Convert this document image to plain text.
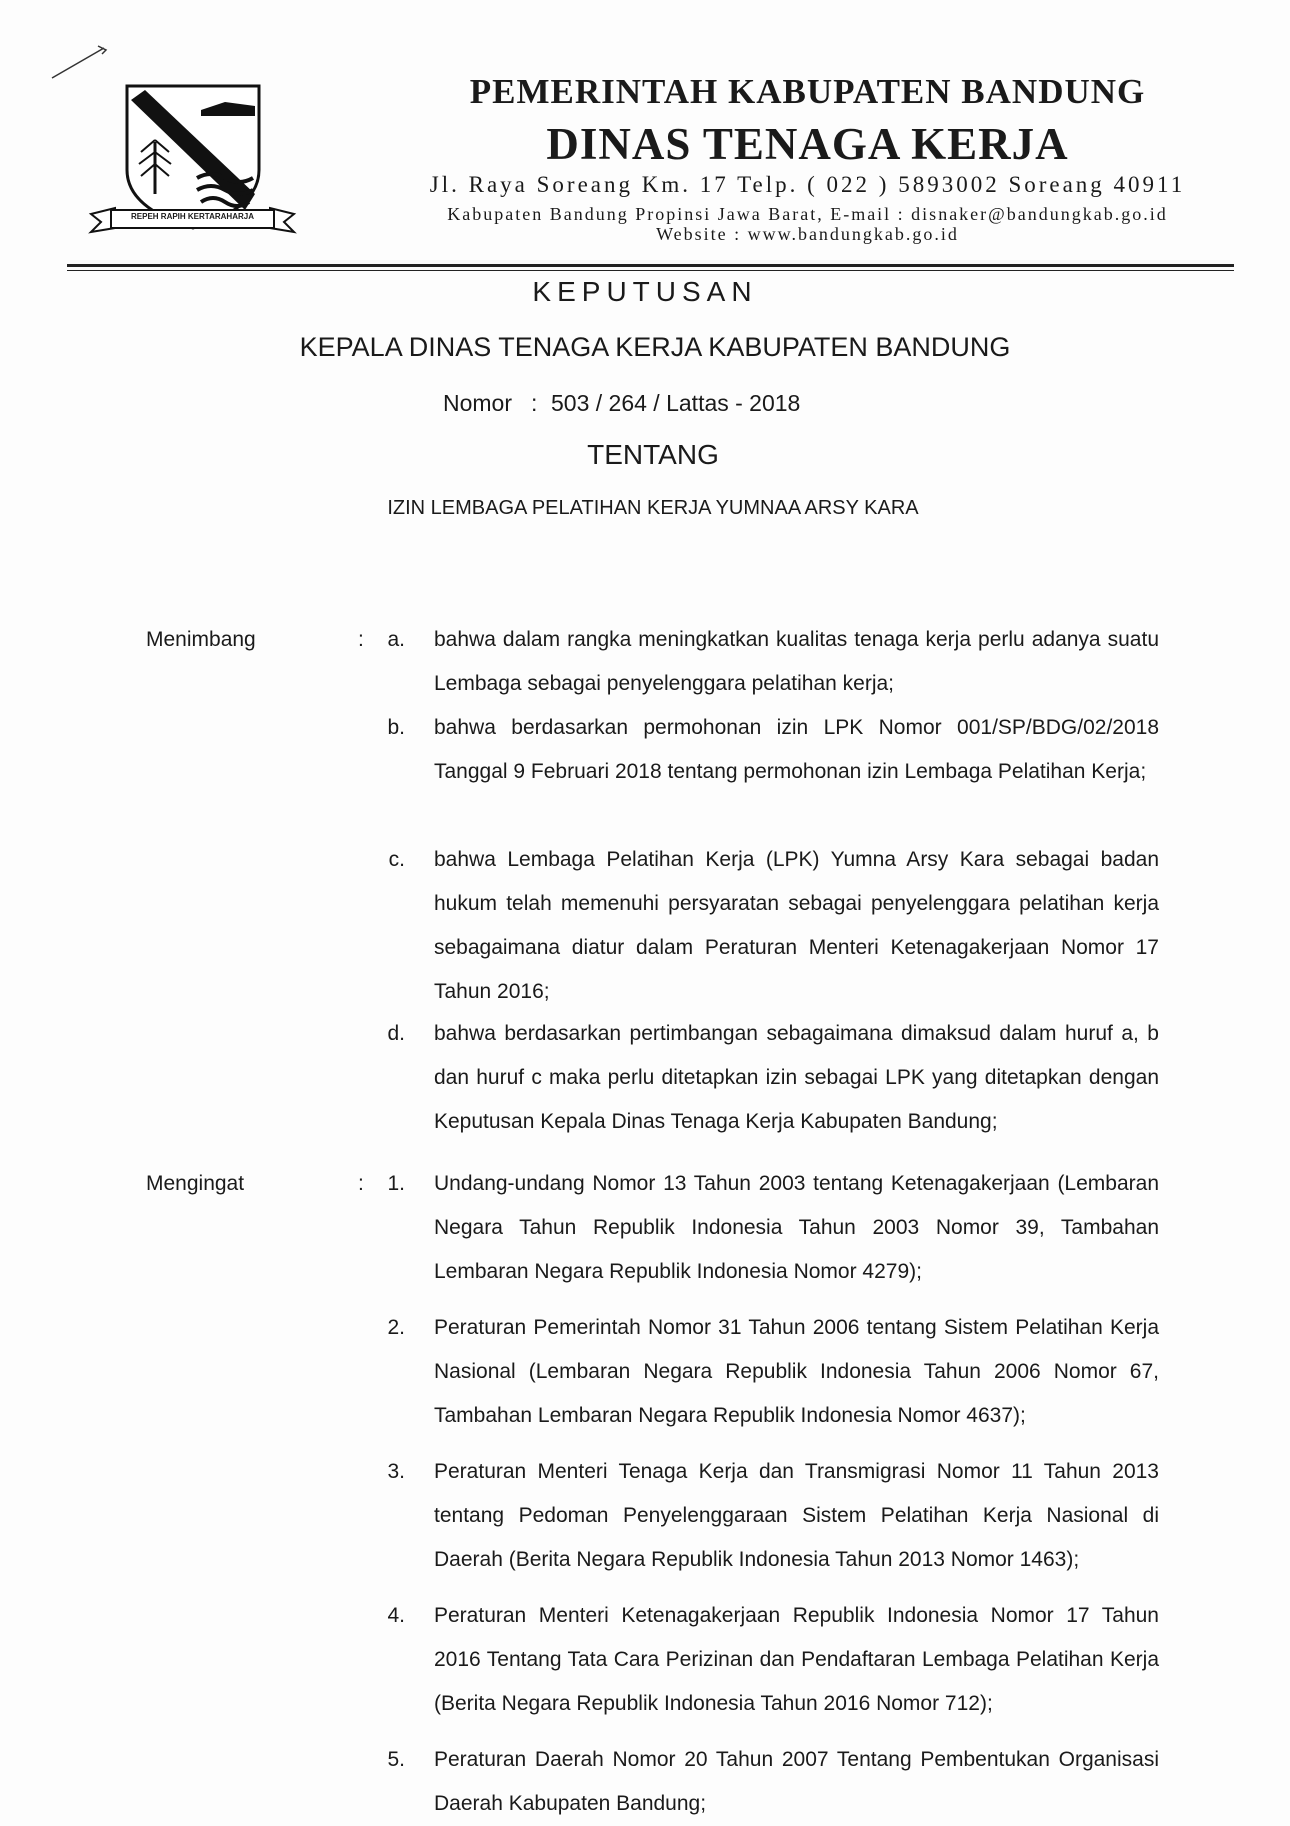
REPEH RAPIH KERTARAHARJA
PEMERINTAH KABUPATEN BANDUNG
DINAS TENAGA KERJA
Jl. Raya Soreang Km. 17 Telp. ( 022 ) 5893002 Soreang 40911
Kabupaten Bandung Propinsi Jawa Barat, E-mail : disnaker@bandungkab.go.id
Website : www.bandungkab.go.id
KEPUTUSAN
KEPALA DINAS TENAGA KERJA KABUPATEN BANDUNG
Nomor : 503 / 264 / Lattas - 2018
TENTANG
IZIN LEMBAGA PELATIHAN KERJA YUMNAA ARSY KARA
Menimbang	:	a. bahwa dalam rangka meningkatkan kualitas tenaga kerja perlu adanya suatu Lembaga sebagai penyelenggara pelatihan kerja;
b. bahwa berdasarkan permohonan izin LPK Nomor 001/SP/BDG/02/2018 Tanggal 9 Februari 2018 tentang permohonan izin Lembaga Pelatihan Kerja;
c. bahwa Lembaga Pelatihan Kerja (LPK) Yumna Arsy Kara sebagai badan hukum telah memenuhi persyaratan sebagai penyelenggara pelatihan kerja sebagaimana diatur dalam Peraturan Menteri Ketenagakerjaan Nomor 17 Tahun 2016;
d. bahwa berdasarkan pertimbangan sebagaimana dimaksud dalam huruf a, b dan huruf c maka perlu ditetapkan izin sebagai LPK yang ditetapkan dengan Keputusan Kepala Dinas Tenaga Kerja Kabupaten Bandung;
Mengingat	:	1. Undang-undang Nomor 13 Tahun 2003 tentang Ketenagakerjaan (Lembaran Negara Tahun Republik Indonesia Tahun 2003 Nomor 39, Tambahan Lembaran Negara Republik Indonesia Nomor 4279);
2. Peraturan Pemerintah Nomor 31 Tahun 2006 tentang Sistem Pelatihan Kerja Nasional (Lembaran Negara Republik Indonesia Tahun 2006 Nomor 67, Tambahan Lembaran Negara Republik Indonesia Nomor 4637);
3. Peraturan Menteri Tenaga Kerja dan Transmigrasi Nomor 11 Tahun 2013 tentang Pedoman Penyelenggaraan Sistem Pelatihan Kerja Nasional di Daerah (Berita Negara Republik Indonesia Tahun 2013 Nomor 1463);
4. Peraturan Menteri Ketenagakerjaan Republik Indonesia Nomor 17 Tahun 2016 Tentang Tata Cara Perizinan dan Pendaftaran Lembaga Pelatihan Kerja (Berita Negara Republik Indonesia Tahun 2016 Nomor 712);
5. Peraturan Daerah Nomor 20 Tahun 2007 Tentang Pembentukan Organisasi Daerah Kabupaten Bandung;
